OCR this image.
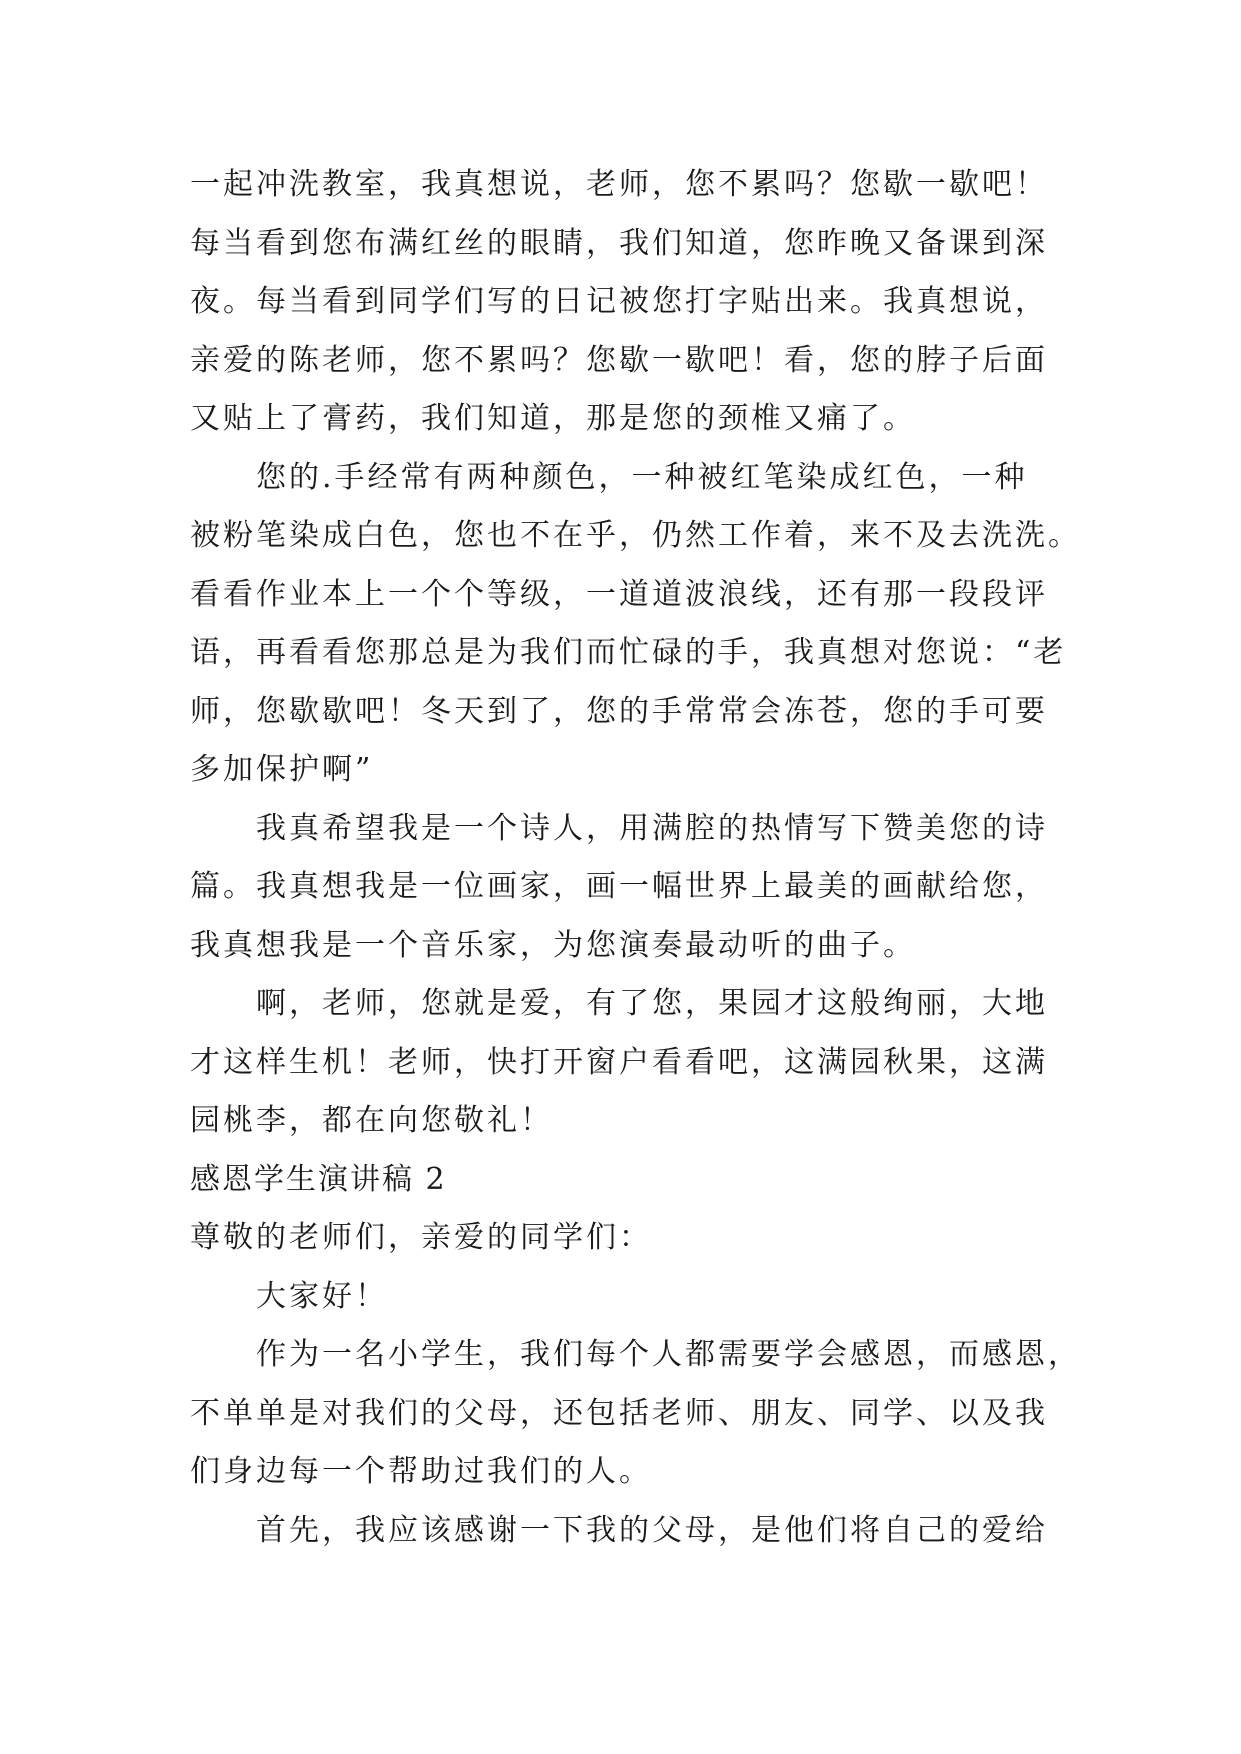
一起冲洗教室，我真想说，老师，您不累吗？您歇一歇吧！
每当看到您布满红丝的眼睛，我们知道，您昨晚又备课到深
夜。每当看到同学们写的日记被您打字贴出来。我真想说，
亲爱的陈老师，您不累吗？您歇一歇吧！看，您的脖子后面
又贴上了膏药，我们知道，那是您的颈椎又痛了。
您的.手经常有两种颜色，一种被红笔染成红色，一种
被粉笔染成白色，您也不在乎，仍然工作着，来不及去洗洗。
看看作业本上一个个等级，一道道波浪线，还有那一段段评
语，再看看您那总是为我们而忙碌的手，我真想对您说：“老
师，您歇歇吧！冬天到了，您的手常常会冻苍，您的手可要
多加保护啊”
我真希望我是一个诗人，用满腔的热情写下赞美您的诗
篇。我真想我是一位画家，画一幅世界上最美的画献给您，
我真想我是一个音乐家，为您演奏最动听的曲子。
啊，老师，您就是爱，有了您，果园才这般绚丽，大地
才这样生机！老师，快打开窗户看看吧，这满园秋果，这满
园桃李，都在向您敬礼！
感恩学生演讲稿 2
尊敬的老师们，亲爱的同学们：
大家好！
作为一名小学生，我们每个人都需要学会感恩，而感恩，
不单单是对我们的父母，还包括老师、朋友、同学、以及我
们身边每一个帮助过我们的人。
首先，我应该感谢一下我的父母，是他们将自己的爱给
